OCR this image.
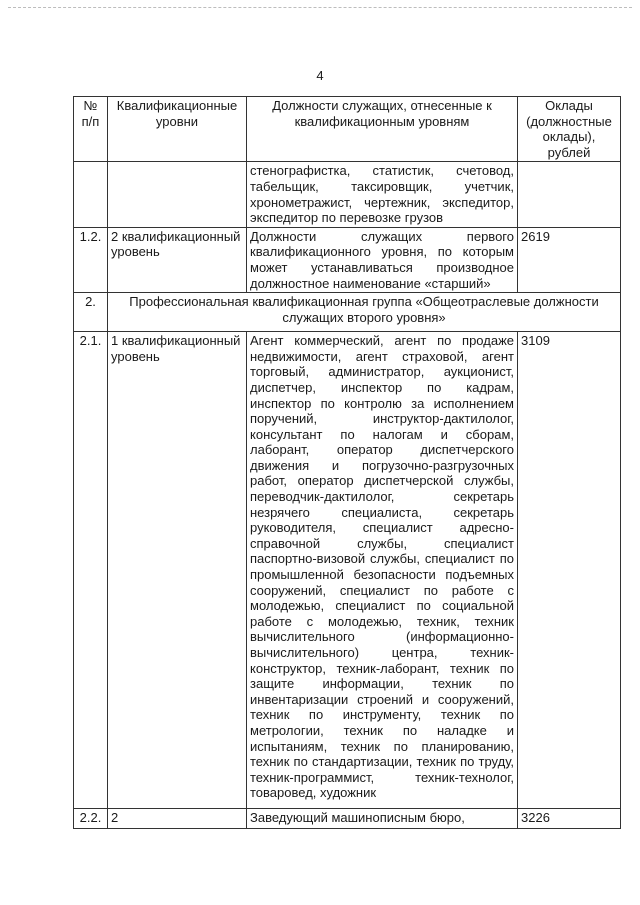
4
№ п/п	Квалификационные уровни	Должности служащих, отнесенные к квалификационным уровням	Оклады (должностные оклады), рублей
		стенографистка, статистик, счетовод, табельщик, таксировщик, учетчик, хронометражист, чертежник, экспедитор, экспедитор по перевозке грузов	
1.2.	2 квалификационный уровень	Должности служащих первого квалификационного уровня, по которым может устанавливаться производное должностное наименование «старший»	2619
2.	Профессиональная квалификационная группа «Общеотраслевые должности служащих второго уровня»		
2.1.	1 квалификационный уровень	Агент коммерческий, агент по продаже недвижимости, агент страховой, агент торговый, администратор, аукционист, диспетчер, инспектор по кадрам, инспектор по контролю за исполнением поручений, инструктор-дактилолог, консультант по налогам и сборам, лаборант, оператор диспетчерского движения и погрузочно-разгрузочных работ, оператор диспетчерской службы, переводчик-дактилолог, секретарь незрячего специалиста, секретарь руководителя, специалист адресно-справочной службы, специалист паспортно-визовой службы, специалист по промышленной безопасности подъемных сооружений, специалист по работе с молодежью, специалист по социальной работе с молодежью, техник, техник вычислительного (информационно-вычислительного) центра, техник-конструктор, техник-лаборант, техник по защите информации, техник по инвентаризации строений и сооружений, техник по инструменту, техник по метрологии, техник по наладке и испытаниям, техник по планированию, техник по стандартизации, техник по труду, техник-программист, техник-технолог, товаровед, художник	3109
2.2.	2	Заведующий машинописным бюро,	3226
